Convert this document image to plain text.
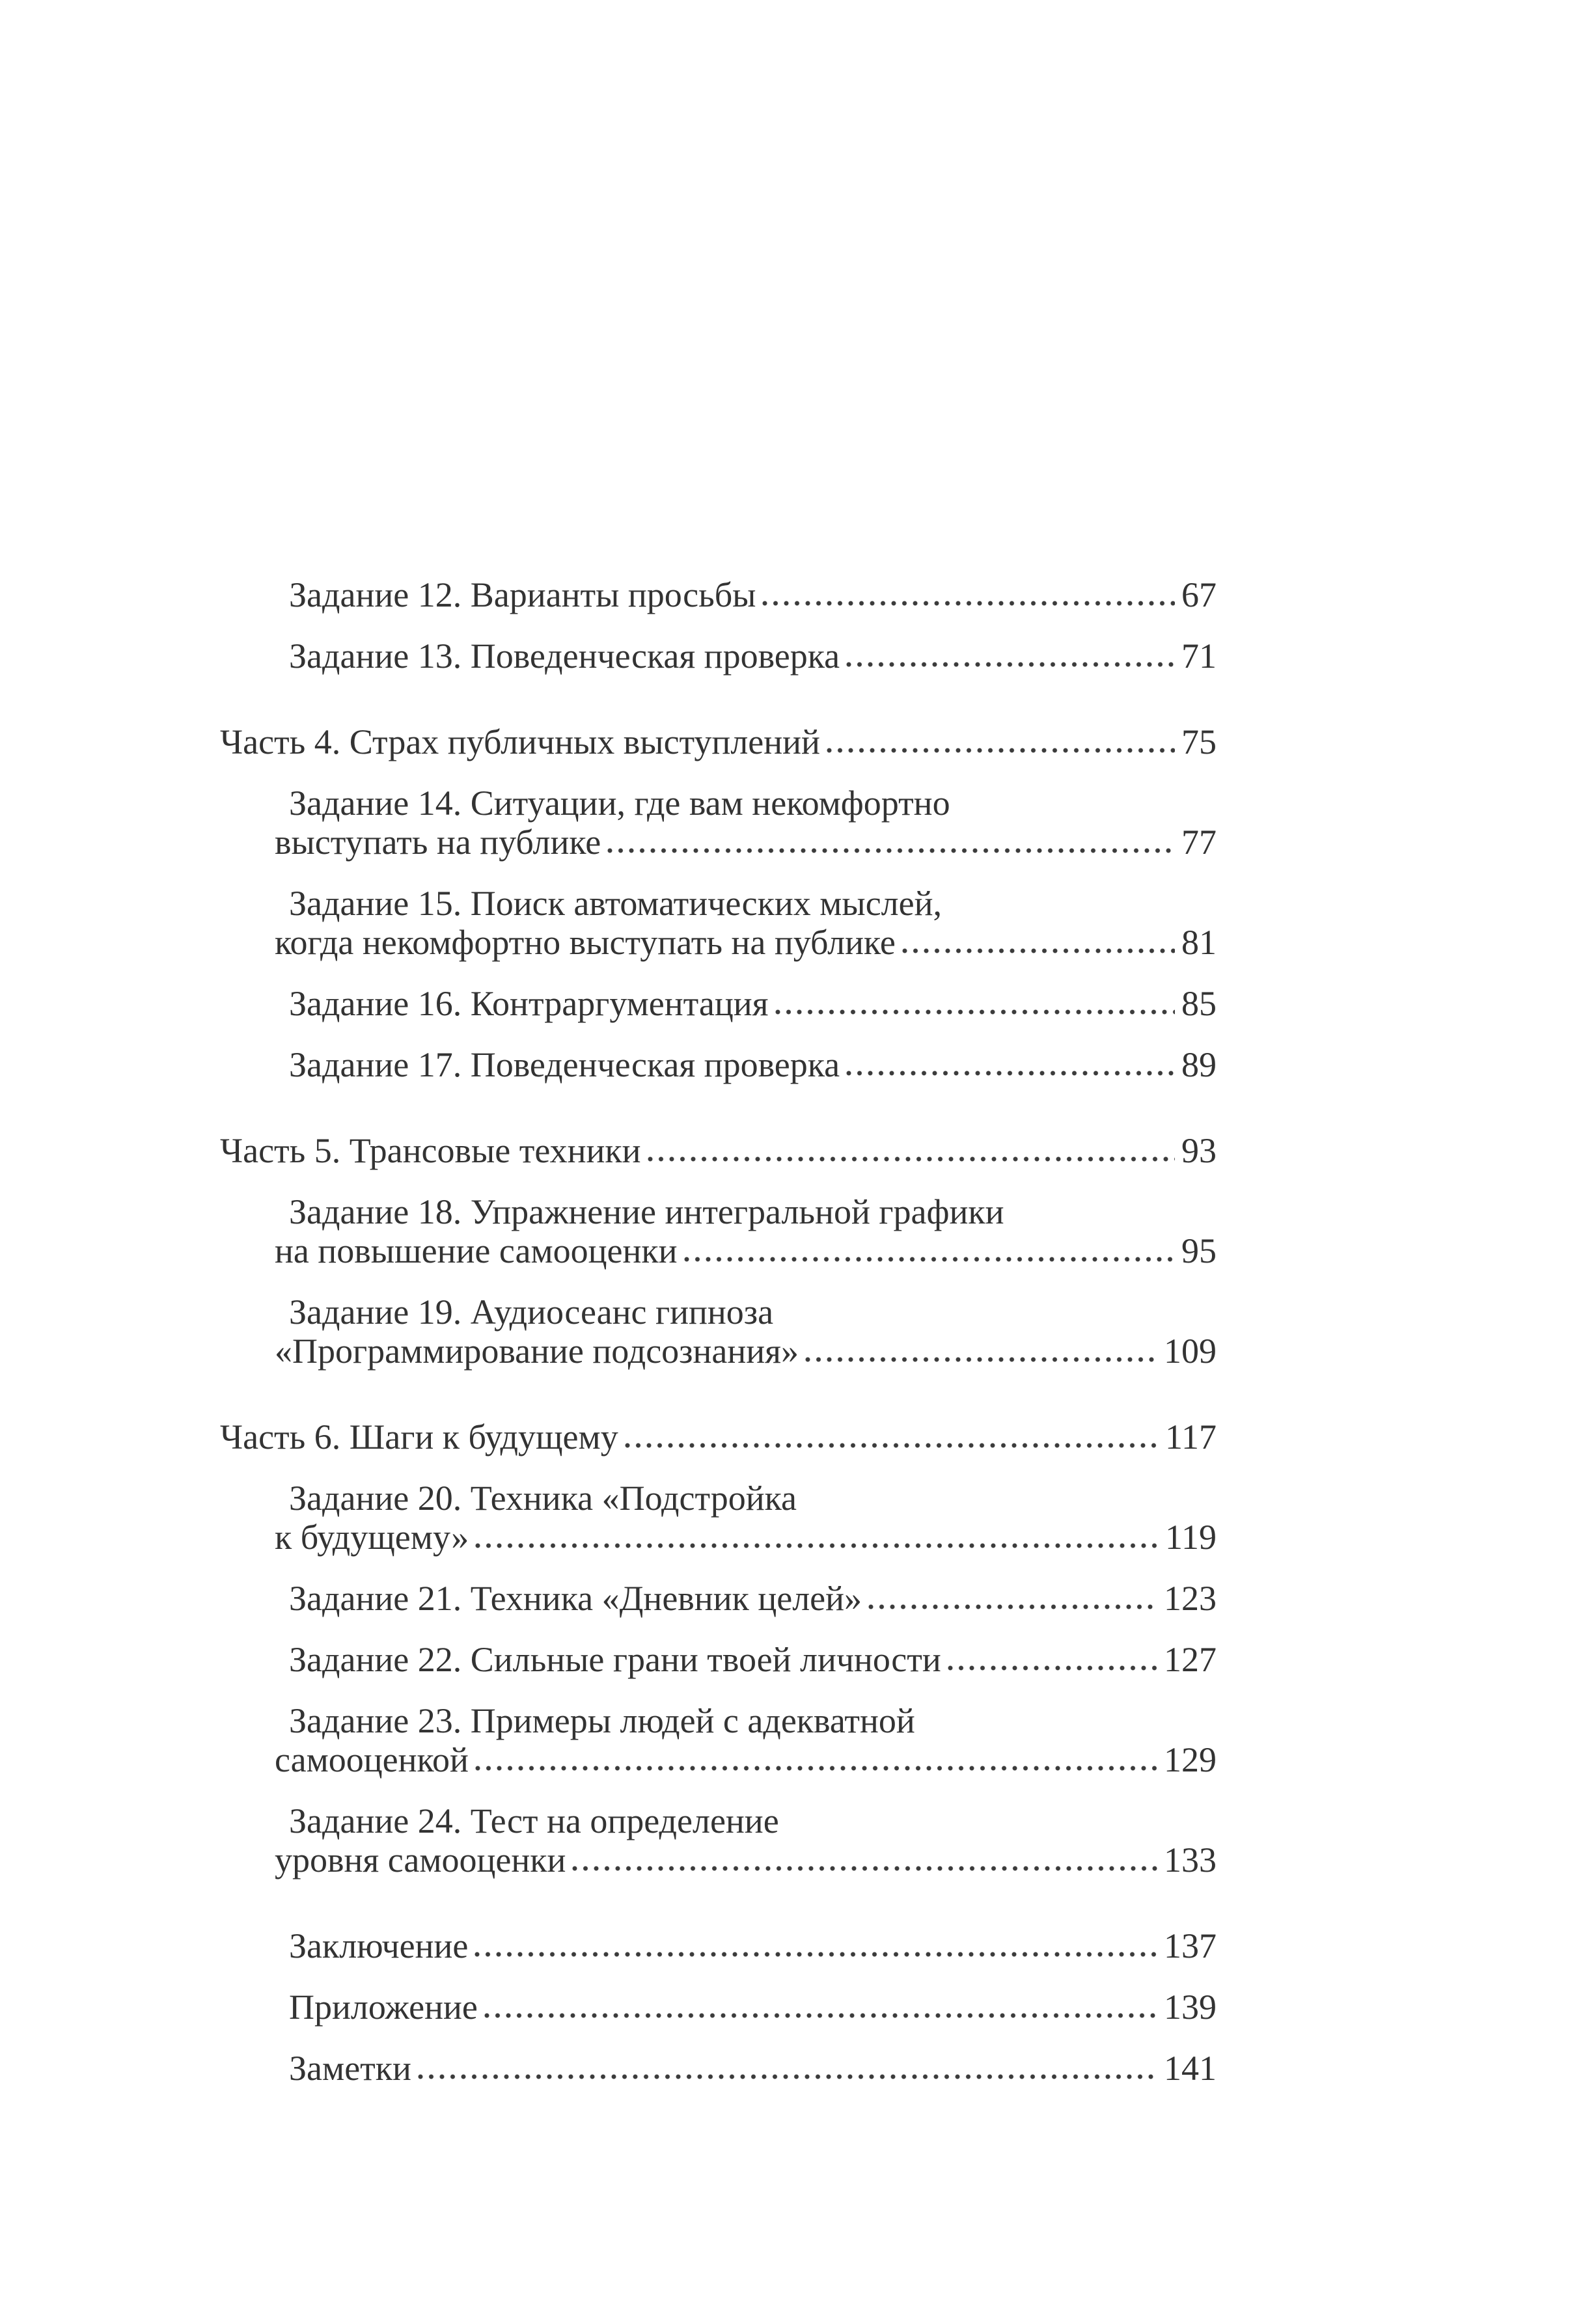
Задание 12. Варианты просьбы	67
Задание 13. Поведенческая проверка	71
Часть 4. Страх публичных выступлений	75
Задание 14. Ситуации, где вам некомфортно
выступать на публике	77
Задание 15. Поиск автоматических мыслей,
когда некомфортно выступать на публике	81
Задание 16. Контраргументация	85
Задание 17. Поведенческая проверка	89
Часть 5. Трансовые техники	93
Задание 18. Упражнение интегральной графики
на повышение самооценки	95
Задание 19. Аудиосеанс гипноза
«Программирование подсознания»	109
Часть 6. Шаги к будущему	117
Задание 20. Техника «Подстройка
к будущему»	119
Задание 21. Техника «Дневник целей»	123
Задание 22. Сильные грани твоей личности	127
Задание 23. Примеры людей с адекватной
самооценкой	129
Задание 24. Тест на определение
уровня самооценки	133
Заключение	137
Приложение	139
Заметки	141
